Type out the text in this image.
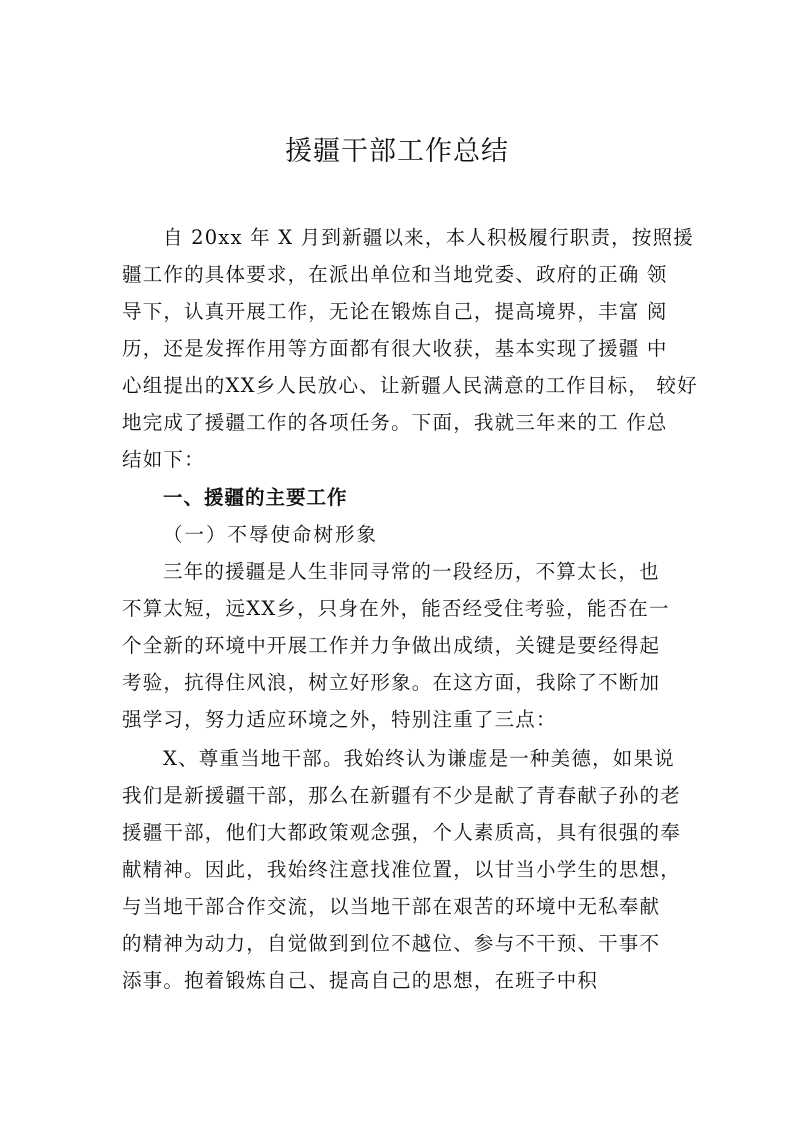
援疆干部工作总结
自 20xx 年 X 月到新疆以来，本人积极履行职责，按照援
疆工作的具体要求，在派出单位和当地党委、政府的正确 领
导下，认真开展工作，无论在锻炼自己，提高境界，丰富 阅
历，还是发挥作用等方面都有很大收获，基本实现了援疆 中
心组提出的XX乡人民放心、让新疆人民满意的工作目标， 较好
地完成了援疆工作的各项任务。下面，我就三年来的工 作总
结如下：
一、援疆的主要工作
（一）不辱使命树形象
三年的援疆是人生非同寻常的一段经历，不算太长，也
不算太短，远XX乡，只身在外，能否经受住考验，能否在一
个全新的环境中开展工作并力争做出成绩，关键是要经得起
考验，抗得住风浪，树立好形象。在这方面，我除了不断加
强学习，努力适应环境之外，特别注重了三点：
X、尊重当地干部。我始终认为谦虚是一种美德，如果说
我们是新援疆干部，那么在新疆有不少是献了青春献子孙的老
援疆干部，他们大都政策观念强，个人素质高，具有很强的奉
献精神。因此，我始终注意找准位置，以甘当小学生的思想，
与当地干部合作交流，以当地干部在艰苦的环境中无私奉献
的精神为动力，自觉做到到位不越位、参与不干预、干事不
添事。抱着锻炼自己、提高自己的思想，在班子中积
